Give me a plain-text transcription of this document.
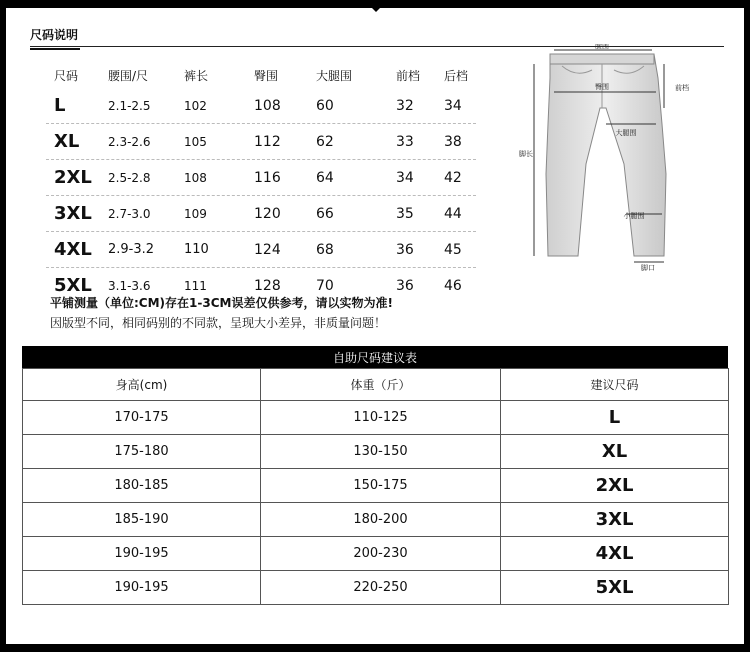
尺码说明
尺码 腰围/尺	裤长	臀围	大腿围	前档 后档
L	2.1-2.5	102	108	60	32 34
XL 2.3-2.6	105	112	62	33 38
2XL 2.5-2.8	108	116	64	34 42
3XL 2.7-3.0	109	120	66	35 44
4XL 2.9-3.2 110	124	68	36 45
5XL 3.1-3.6	111	128	70	36 46
平铺测量（单位:CM)存在1-3CM误差仅供参考，请以实物为准!
因版型不同，相同码别的不同款，呈现大小差异，非质量问题！
腰围
臀围	前档
大腿围
脚长
小腿围
脚口
自助尺码建议表
身高(cm)	体重（斤）	建议尺码
170-175	110-125	L
175-180	130-150	XL
180-185	150-175	2XL
185-190	180-200	3XL
190-195	200-230	4XL
190-195	220-250	5XL
